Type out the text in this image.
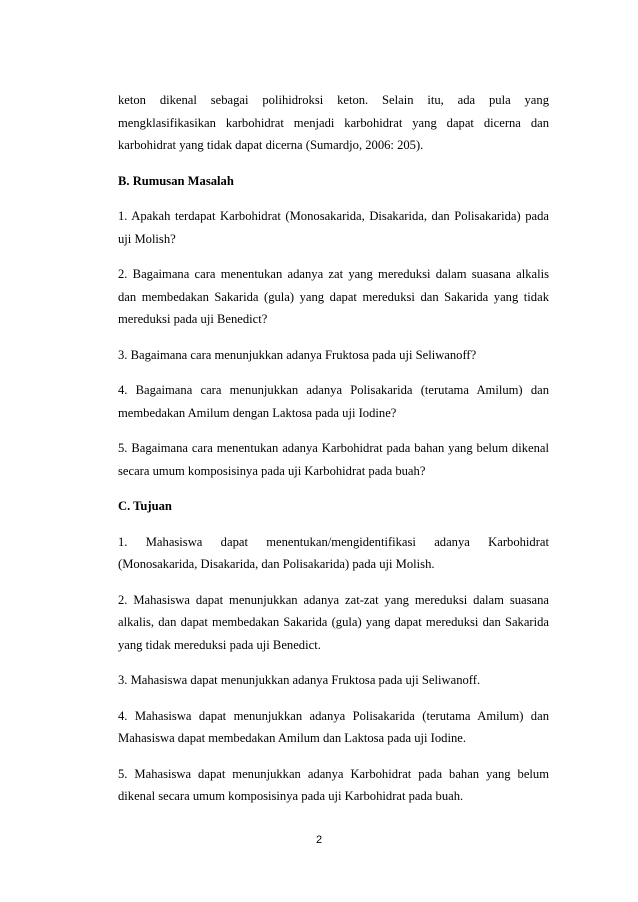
keton dikenal sebagai polihidroksi keton. Selain itu, ada pula yang mengklasifikasikan karbohidrat menjadi karbohidrat yang dapat dicerna dan karbohidrat yang tidak dapat dicerna (Sumardjo, 2006: 205).

B. Rumusan Masalah

1. Apakah terdapat Karbohidrat (Monosakarida, Disakarida, dan Polisakarida) pada uji Molish?

2. Bagaimana cara menentukan adanya zat yang mereduksi dalam suasana alkalis dan membedakan Sakarida (gula) yang dapat mereduksi dan Sakarida yang tidak mereduksi pada uji Benedict?

3. Bagaimana cara menunjukkan adanya Fruktosa pada uji Seliwanoff?

4. Bagaimana cara menunjukkan adanya Polisakarida (terutama Amilum) dan membedakan Amilum dengan Laktosa pada uji Iodine?

5. Bagaimana cara menentukan adanya Karbohidrat pada bahan yang belum dikenal secara umum komposisinya pada uji Karbohidrat pada buah?

C. Tujuan

1. Mahasiswa dapat menentukan/mengidentifikasi adanya Karbohidrat (Monosakarida, Disakarida, dan Polisakarida) pada uji Molish.

2. Mahasiswa dapat menunjukkan adanya zat-zat yang mereduksi dalam suasana alkalis, dan dapat membedakan Sakarida (gula) yang dapat mereduksi dan Sakarida yang tidak mereduksi pada uji Benedict.

3. Mahasiswa dapat menunjukkan adanya Fruktosa pada uji Seliwanoff.

4. Mahasiswa dapat menunjukkan adanya Polisakarida (terutama Amilum) dan Mahasiswa dapat membedakan Amilum dan Laktosa pada uji Iodine.

5. Mahasiswa dapat menunjukkan adanya Karbohidrat pada bahan yang belum dikenal secara umum komposisinya pada uji Karbohidrat pada buah.

2
